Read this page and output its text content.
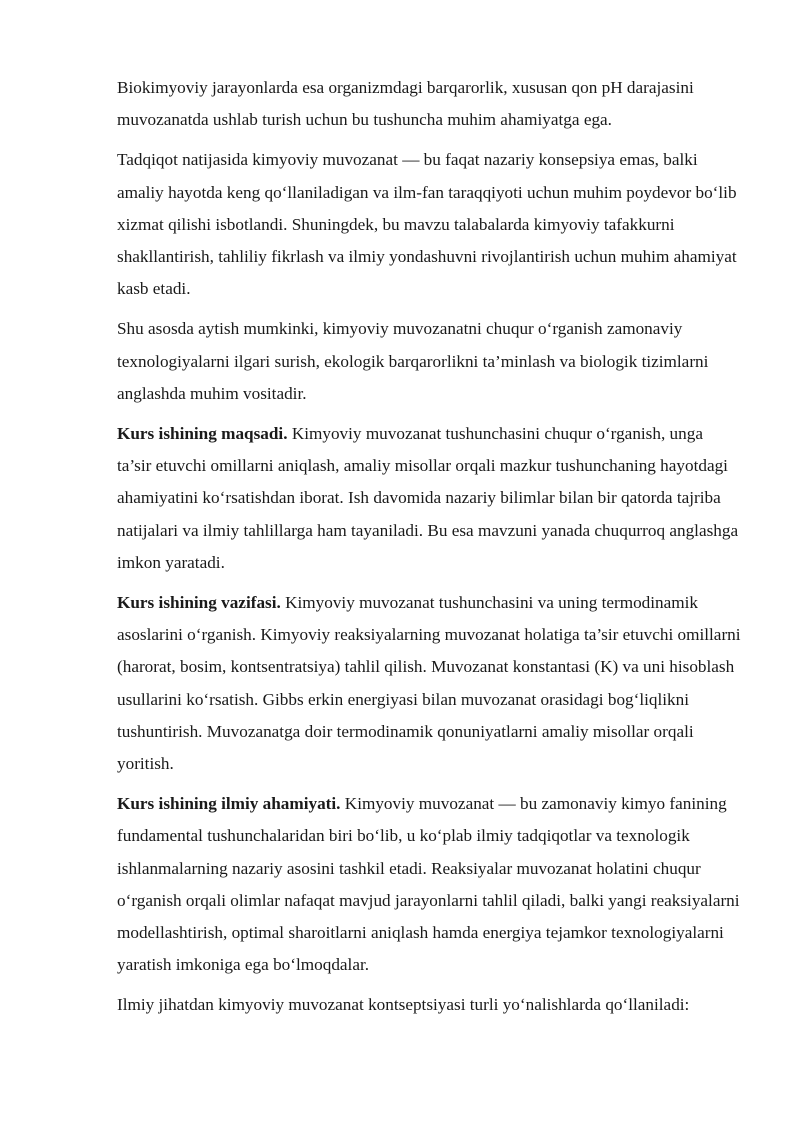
Biokimyoviy jarayonlarda esa organizmdagi barqarorlik, xususan qon pH darajasini muvozanatda ushlab turish uchun bu tushuncha muhim ahamiyatga ega.

Tadqiqot natijasida kimyoviy muvozanat — bu faqat nazariy konsepsiya emas, balki amaliy hayotda keng qo‘llaniladigan va ilm-fan taraqqiyoti uchun muhim poydevor bo‘lib xizmat qilishi isbotlandi. Shuningdek, bu mavzu talabalarda kimyoviy tafakkurni shakllantirish, tahliliy fikrlash va ilmiy yondashuvni rivojlantirish uchun muhim ahamiyat kasb etadi.

Shu asosda aytish mumkinki, kimyoviy muvozanatni chuqur o‘rganish zamonaviy texnologiyalarni ilgari surish, ekologik barqarorlikni ta’minlash va biologik tizimlarni anglashda muhim vositadir.

Kurs ishining maqsadi. Kimyoviy muvozanat tushunchasini chuqur o‘rganish, unga ta’sir etuvchi omillarni aniqlash, amaliy misollar orqali mazkur tushunchaning hayotdagi ahamiyatini ko‘rsatishdan iborat. Ish davomida nazariy bilimlar bilan bir qatorda tajriba natijalari va ilmiy tahlillarga ham tayaniladi. Bu esa mavzuni yanada chuqurroq anglashga imkon yaratadi.

Kurs ishining vazifasi. Kimyoviy muvozanat tushunchasini va uning termodinamik asoslarini o‘rganish. Kimyoviy reaksiyalarning muvozanat holatiga ta’sir etuvchi omillarni (harorat, bosim, kontsentratsiya) tahlil qilish. Muvozanat konstantasi (K) va uni hisoblash usullarini ko‘rsatish. Gibbs erkin energiyasi bilan muvozanat orasidagi bog‘liqlikni tushuntirish. Muvozanatga doir termodinamik qonuniyatlarni amaliy misollar orqali yoritish.

Kurs ishining ilmiy ahamiyati. Kimyoviy muvozanat — bu zamonaviy kimyo fanining fundamental tushunchalaridan biri bo‘lib, u ko‘plab ilmiy tadqiqotlar va texnologik ishlanmalarning nazariy asosini tashkil etadi. Reaksiyalar muvozanat holatini chuqur o‘rganish orqali olimlar nafaqat mavjud jarayonlarni tahlil qiladi, balki yangi reaksiyalarni modellashtirish, optimal sharoitlarni aniqlash hamda energiya tejamkor texnologiyalarni yaratish imkoniga ega bo‘lmoqdalar.

Ilmiy jihatdan kimyoviy muvozanat kontseptsiyasi turli yo‘nalishlarda qo‘llaniladi:
